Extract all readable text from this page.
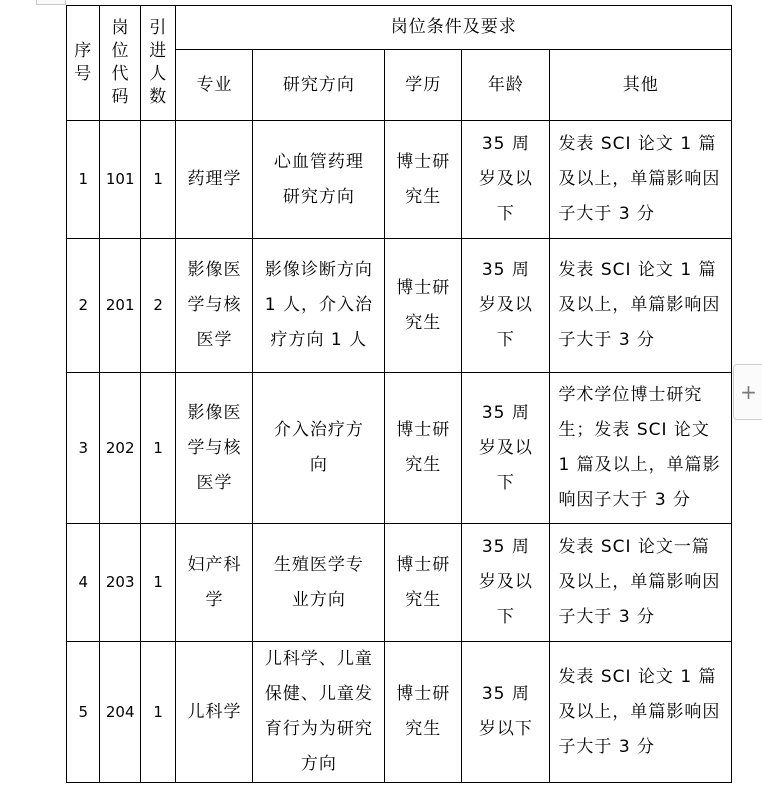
序号	岗位代码	引进人数	岗位条件及要求				
			专业	研究方向	学历	年龄	其他
1	101	1	药理学	心血管药理研究方向	博士研究生	35 周岁及以下	发表 SCI 论文 1 篇及以上，单篇影响因子大于 3 分
2	201	2	影像医学与核医学	影像诊断方向 1 人，介入治疗方向 1 人	博士研究生	35 周岁及以下	发表 SCI 论文 1 篇及以上，单篇影响因子大于 3 分
3	202	1	影像医学与核医学	介入治疗方向	博士研究生	35 周岁及以下	学术学位博士研究生；发表 SCI 论文 1 篇及以上，单篇影响因子大于 3 分
4	203	1	妇产科学	生殖医学专业方向	博士研究生	35 周岁及以下	发表 SCI 论文一篇及以上，单篇影响因子大于 3 分
5	204	1	儿科学	儿科学、儿童保健、儿童发育行为为研究方向	博士研究生	35 周岁以下	发表 SCI 论文 1 篇及以上，单篇影响因子大于 3 分
+
